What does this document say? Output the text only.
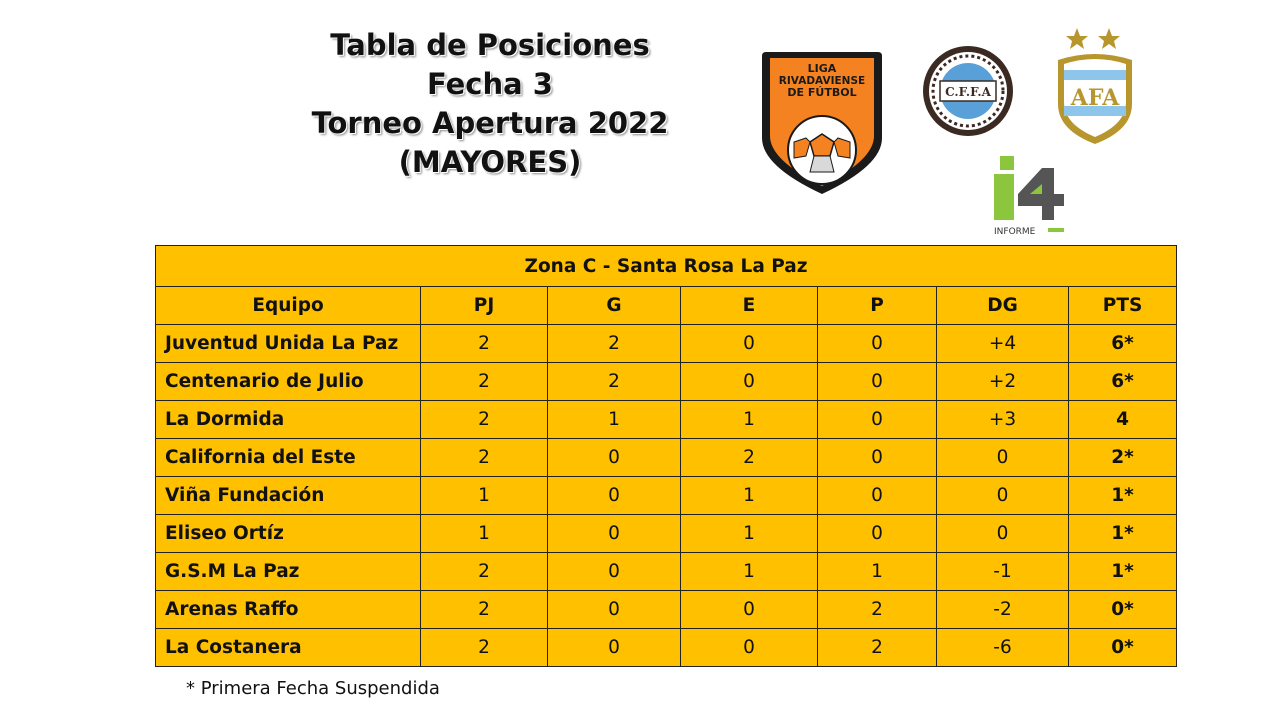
Tabla de Posiciones
Fecha 3
Torneo Apertura 2022
(MAYORES)
LIGA
RIVADAVIENSE
DE FÚTBOL	C.F.F.A	AFA
INFORME
Zona C - Santa Rosa La Paz						
Equipo	PJ	G	E	P	DG	PTS
Juventud Unida La Paz	2	2	0	0	+4	6*
Centenario de Julio	2	2	0	0	+2	6*
La Dormida	2	1	1	0	+3	4
California del Este	2	0	2	0	0	2*
Viña Fundación	1	0	1	0	0	1*
Eliseo Ortíz	1	0	1	0	0	1*
G.S.M La Paz	2	0	1	1	-1	1*
Arenas Raffo	2	0	0	2	-2	0*
La Costanera	2	0	0	2	-6	0*
* Primera Fecha Suspendida
